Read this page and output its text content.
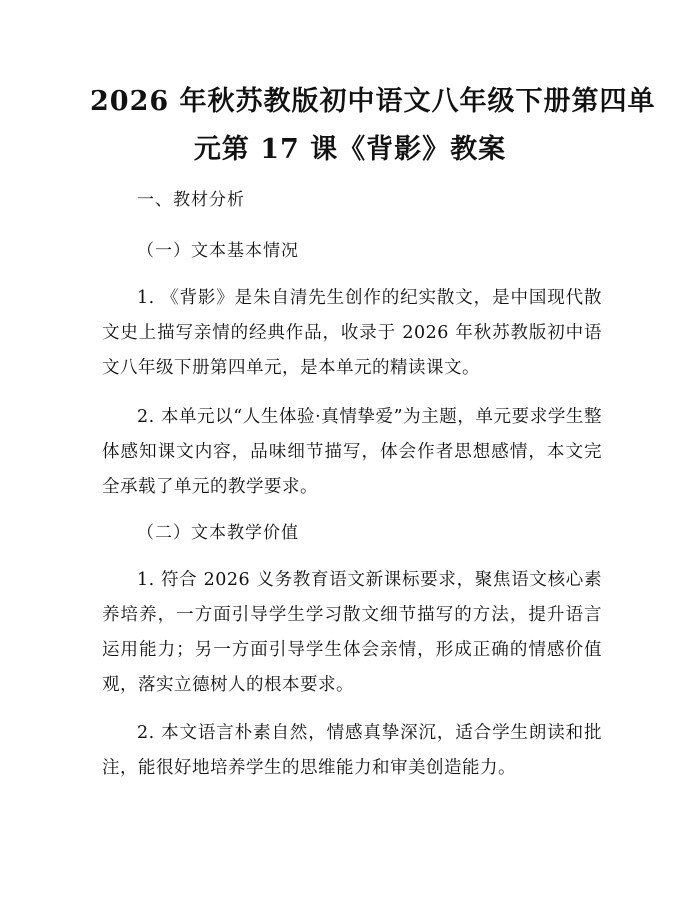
2026 年秋苏教版初中语文八年级下册第四单
元第 17 课《背影》教案
一、教材分析
（一）文本基本情况

1. 《背影》是朱自清先生创作的纪实散文，是中国现代散文史上描写亲情的经典作品，收录于 2026 年秋苏教版初中语文八年级下册第四单元，是本单元的精读课文。

2. 本单元以“人生体验·真情挚爱”为主题，单元要求学生整体感知课文内容，品味细节描写，体会作者思想感情，本文完全承载了单元的教学要求。

（二）文本教学价值

1. 符合 2026 义务教育语文新课标要求，聚焦语文核心素养培养，一方面引导学生学习散文细节描写的方法，提升语言运用能力；另一方面引导学生体会亲情，形成正确的情感价值观，落实立德树人的根本要求。

2. 本文语言朴素自然，情感真挚深沉，适合学生朗读和批注，能很好地培养学生的思维能力和审美创造能力。
